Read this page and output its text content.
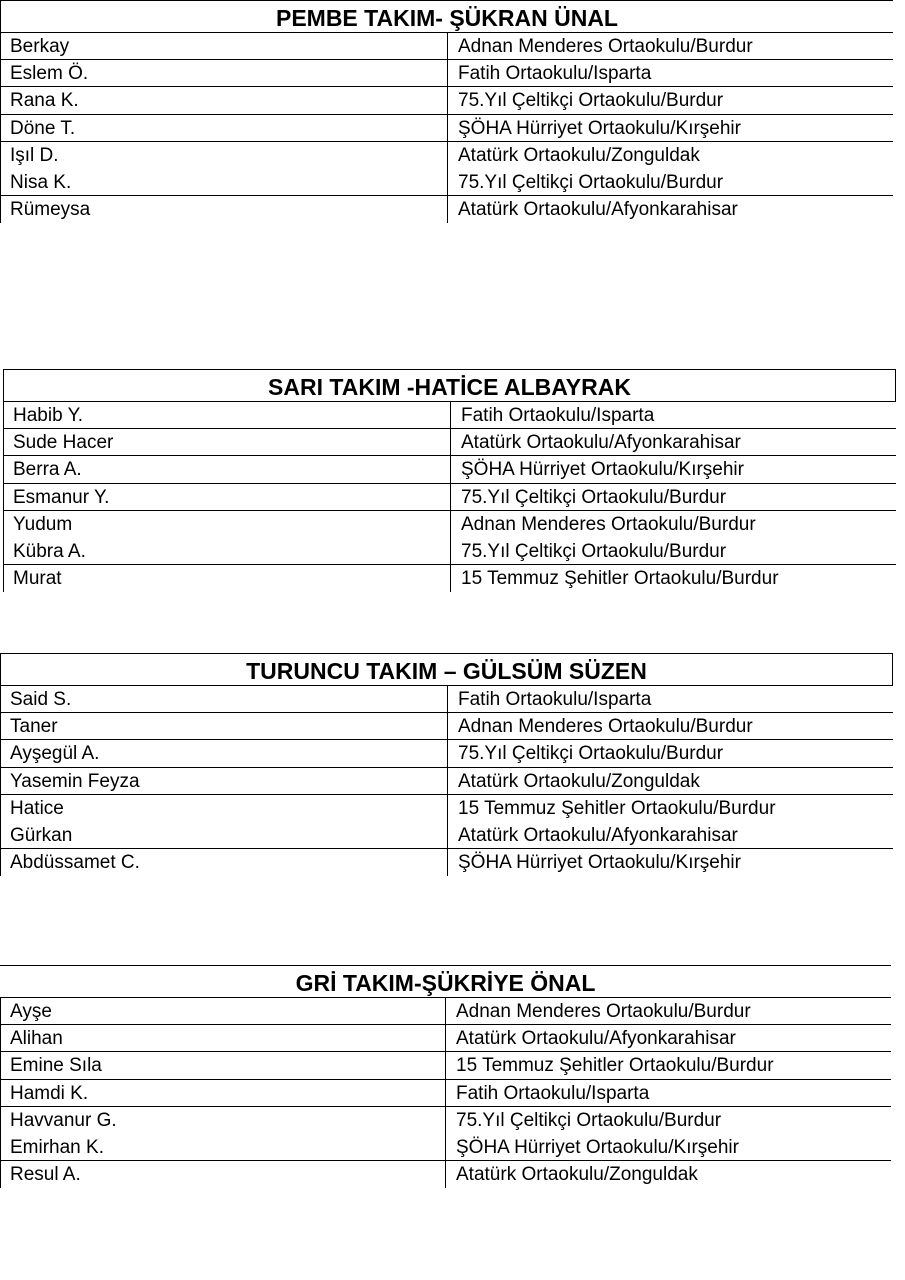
PEMBE TAKIM- ŞÜKRAN ÜNAL
Berkay	Adnan Menderes Ortaokulu/Burdur
Eslem Ö.	Fatih Ortaokulu/Isparta
Rana K.	75.Yıl Çeltikçi Ortaokulu/Burdur
Döne T.	ŞÖHA Hürriyet Ortaokulu/Kırşehir
Işıl D.	Atatürk Ortaokulu/Zonguldak
Nisa K.	75.Yıl Çeltikçi Ortaokulu/Burdur
Rümeysa	Atatürk Ortaokulu/Afyonkarahisar
SARI TAKIM -HATİCE ALBAYRAK
Habib Y.	Fatih Ortaokulu/Isparta
Sude Hacer	Atatürk Ortaokulu/Afyonkarahisar
Berra A.	ŞÖHA Hürriyet Ortaokulu/Kırşehir
Esmanur Y.	75.Yıl Çeltikçi Ortaokulu/Burdur
Yudum	Adnan Menderes Ortaokulu/Burdur
Kübra A.	75.Yıl Çeltikçi Ortaokulu/Burdur
Murat	15 Temmuz Şehitler Ortaokulu/Burdur
TURUNCU TAKIM – GÜLSÜM SÜZEN
Said S.	Fatih Ortaokulu/Isparta
Taner	Adnan Menderes Ortaokulu/Burdur
Ayşegül A.	75.Yıl Çeltikçi Ortaokulu/Burdur
Yasemin Feyza	Atatürk Ortaokulu/Zonguldak
Hatice	15 Temmuz Şehitler Ortaokulu/Burdur
Gürkan	Atatürk Ortaokulu/Afyonkarahisar
Abdüssamet C.	ŞÖHA Hürriyet Ortaokulu/Kırşehir
GRİ TAKIM-ŞÜKRİYE ÖNAL
Ayşe	Adnan Menderes Ortaokulu/Burdur
Alihan	Atatürk Ortaokulu/Afyonkarahisar
Emine Sıla	15 Temmuz Şehitler Ortaokulu/Burdur
Hamdi K.	Fatih Ortaokulu/Isparta
Havvanur G.	75.Yıl Çeltikçi Ortaokulu/Burdur
Emirhan K.	ŞÖHA Hürriyet Ortaokulu/Kırşehir
Resul A.	Atatürk Ortaokulu/Zonguldak
